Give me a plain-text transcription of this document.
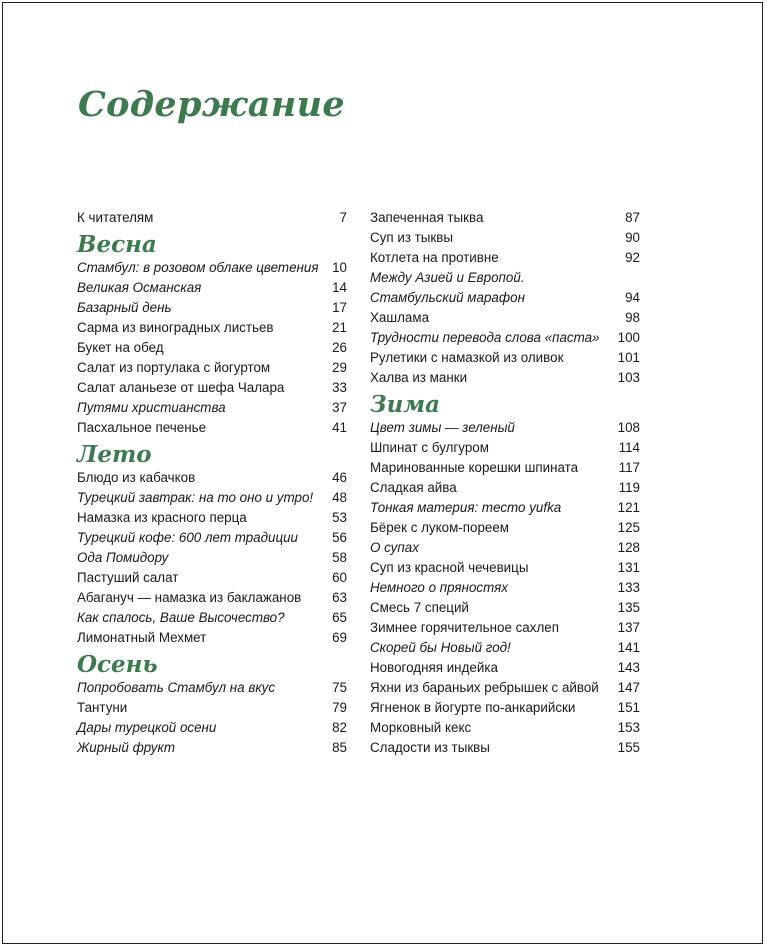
Содержание
К читателям	7
Весна
Стамбул: в розовом облаке цветения 10
Великая Османская	14
Базарный день	17
Сарма из виноградных листьев	21
Букет на обед	26
Салат из портулака с йогуртом	29
Салат аланьезе от шефа Чалара	33
Путями христианства	37
Пасхальное печенье	41
Лето
Блюдо из кабачков	46
Турецкий завтрак: на то оно и утро! 48
Намазка из красного перца	53
Турецкий кофе: 600 лет традиции	56
Ода Помидору	58
Пастуший салат	60
Абагануч — намазка из баклажанов 63
Как спалось, Ваше Высочество?	65
Лимонатный Мехмет	69
Осень
Попробовать Стамбул на вкус	75
Тантуни	79
Дары турецкой осени	82
Жирный фрукт	85
Запеченная тыква	87
Суп из тыквы	90
Котлета на противне	92
Между Азией и Европой.
Стамбульский марафон	94
Хашлама	98
Трудности перевода слова «паста» 100
Рулетики с намазкой из оливок	101
Халва из манки	103
Зима
Цвет зимы — зеленый	108
Шпинат с булгуром	114
Маринованные корешки шпината	117
Сладкая айва	119
Тонкая материя: тесто yufka	121
Бёрек с луком-пореем	125
О супах	128
Суп из красной чечевицы	131
Немного о пряностях	133
Смесь 7 специй	135
Зимнее горячительное сахлеп	137
Скорей бы Новый год!	141
Новогодняя индейка	143
Яхни из бараньих ребрышек с айвой 147
Ягненок в йогурте по-анкарийски	151
Морковный кекс	153
Сладости из тыквы	155
